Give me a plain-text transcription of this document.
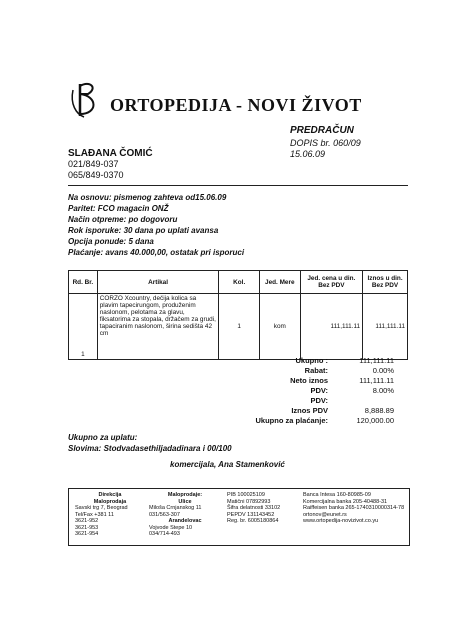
ORTOPEDIJA - NOVI ŽIVOT
PREDRAČUN
DOPIS br. 060/09
15.06.09
SLAĐANA ČOMIĆ
021/849-037
065/849-0370
Na osnovu: pismenog zahteva od15.06.09
Paritet: FCO magacin ONŽ
Način otpreme: po dogovoru
Rok isporuke: 30 dana po uplati avansa
Opcija ponude: 5 dana
Plaćanje: avans 40.000,00, ostatak pri isporuci
Rd. Br.	Artikal	Kol.	Jed. Mere	Jed. cena u din. Bez PDV	Iznos u din. Bez PDV
1	CORZO Xcountry, dečija kolica sa plavim tapecirungom, produženim naslonom, pelotama za glavu, fiksatorima za stopala, držačem za grudi, tapaciranim naslonom, širina sedišta 42 cm	1	kom	111,111.11	111,111.11
Ukupno :	111,111.11
Rabat:	0.00%
Neto iznos	111,111.11
PDV:	8.00%
PDV:
Iznos PDV	8,888.89
Ukupno za plaćanje:	120,000.00
Ukupno za uplatu:
Slovima: Stodvadasethiljadadinara i 00/100
komercijala, Ana Stamenković
Direkcija
Maloprodaja
Savski trg 7, Beograd
Tel/Fax +381 11
3621-952
3621-953
3621-954
Maloprodaje:
Ulice
Miloša Crnjanskog 11
031/563-307
Arandelovac
Vojvode Stepe 10
034/714-493
PIB 100025109
Matični 07892993
Šifra delatnosti 33102
PEPDV 131143452
Reg. br. 6005180864
Banca Intesa 160-80985-09
Komercijalna banka 205-40488-31
Raiffeisen banka 265-1740310000314-78
ortonov@eunet.rs
www.ortopedija-novizivot.co.yu
